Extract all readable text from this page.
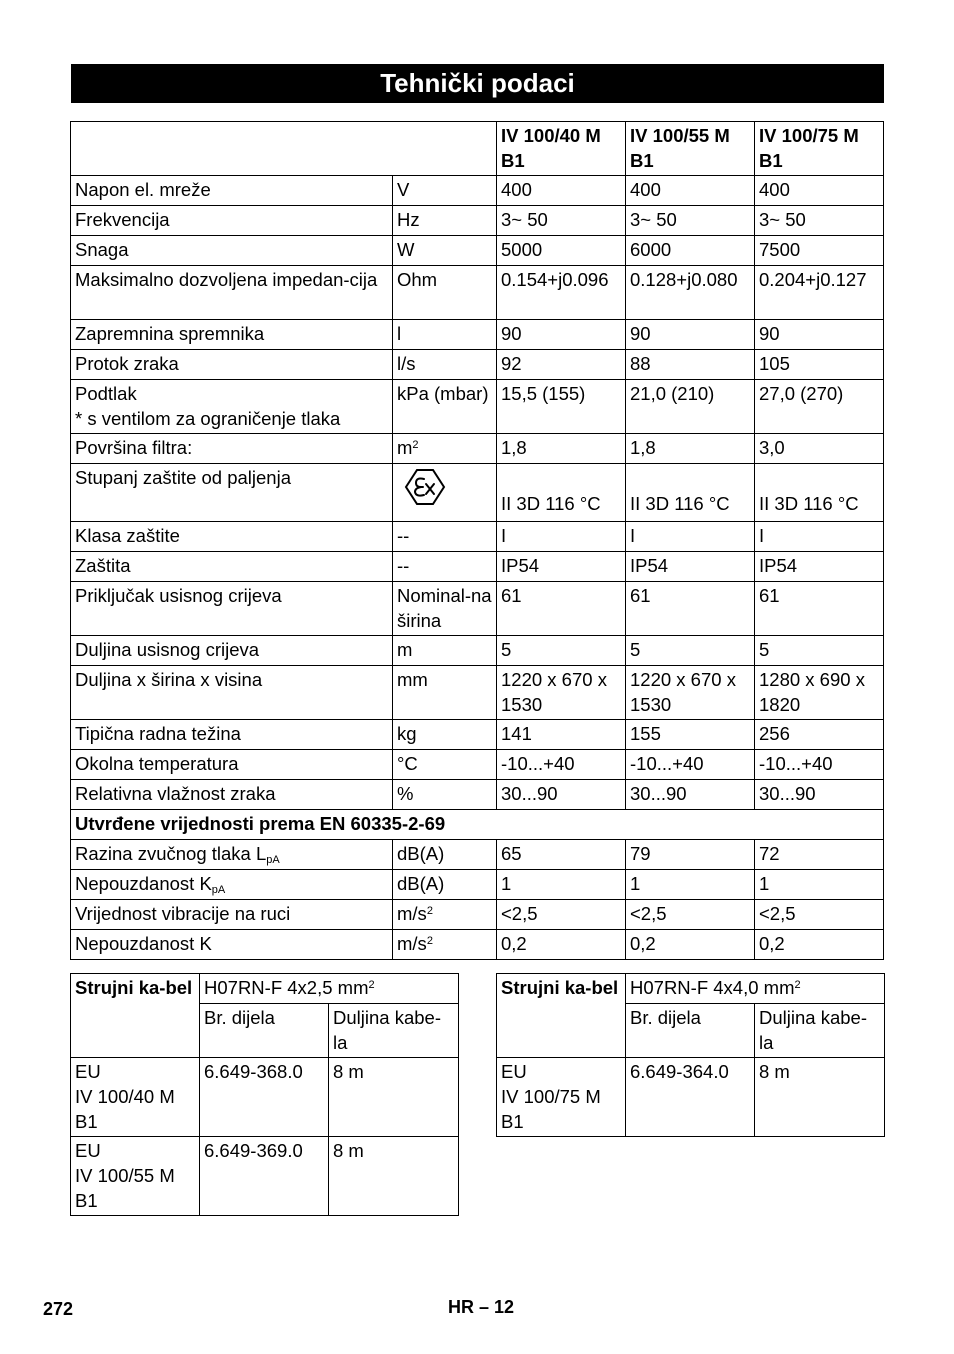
Tehnički podaci
		IV 100/40 M B1	IV 100/55 M B1	IV 100/75 M B1
Napon el. mreže	V	400	400	400
Frekvencija	Hz	3~ 50	3~ 50	3~ 50
Snaga	W	5000	6000	7500
Maksimalno dozvoljena impedan-cija	Ohm	0.154+j0.096	0.128+j0.080	0.204+j0.127
Zapremnina spremnika	l	90	90	90
Protok zraka	l/s	92	88	105
Podtlak
* s ventilom za ograničenje tlaka	kPa (mbar)	15,5 (155)	21,0 (210)	27,0 (270)
Površina filtra:	$m^2$	1,8	1,8	3,0
Stupanj zaštite od paljenja		II 3D 116 °C	II 3D 116 °C	II 3D 116 °C
Klasa zaštite	--	I	I	I
Zaštita	--	IP54	IP54	IP54
Priključak usisnog crijeva	Nominal-na širina	61	61	61
Duljina usisnog crijeva	m	5	5	5
Duljina x širina x visina	mm	1220 x 670 x 1530	1220 x 670 x 1530	1280 x 690 x 1820
Tipična radna težina	kg	141	155	256
Okolna temperatura	°C	-10...+40	-10...+40	-10...+40
Relativna vlažnost zraka	%	30...90	30...90	30...90
Utvrđene vrijednosti prema EN 60335-2-69				
Razina zvučnog tlaka $L_{pA}$	dB(A)	65	79	72
Nepouzdanost $K_{pA}$	dB(A)	1	1	1
Vrijednost vibracije na ruci	$m/s^2$	<2,5	<2,5	<2,5
Nepouzdanost K	$m/s^2$	0,2	0,2	0,2
Strujni ka-bel	H07RN-F 4x2,5 $mm^2$
	Br. dijela	Duljina kabe-la
EU
IV 100/40 M
B1	6.649-368.0	8 m
EU
IV 100/55 M
B1	6.649-369.0	8 m
Strujni ka-bel	H07RN-F 4x4,0 $mm^2$
	Br. dijela	Duljina kabe-la
EU
IV 100/75 M
B1	6.649-364.0	8 m
272	HR – 12
